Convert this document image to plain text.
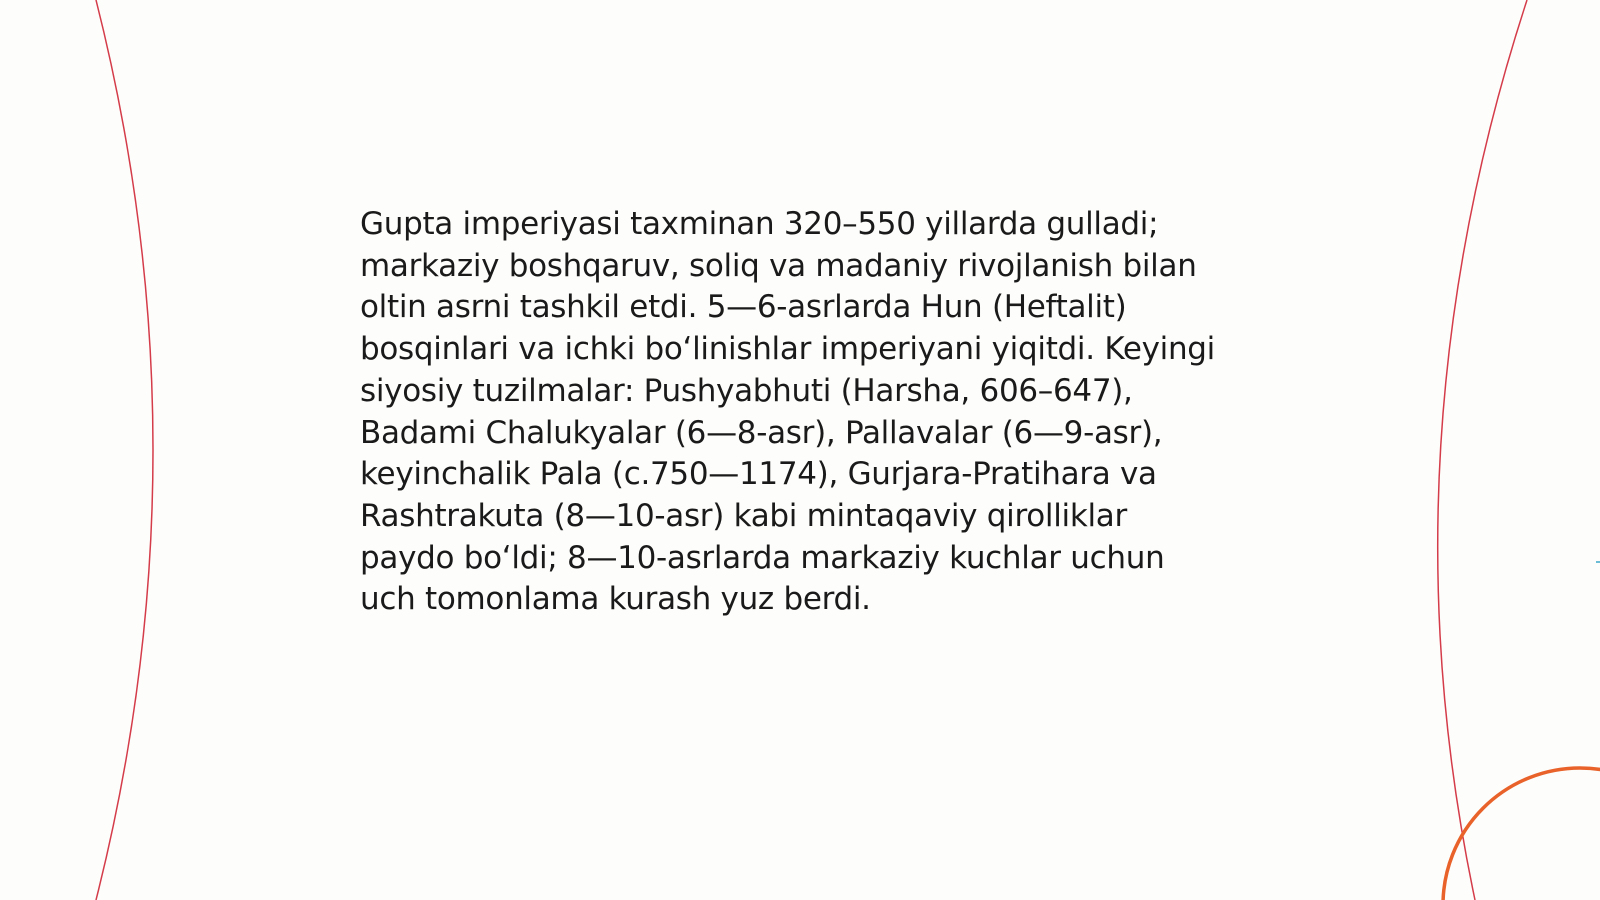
Gupta imperiyasi taxminan 320–550 yillarda gulladi; markaziy boshqaruv, soliq va madaniy rivojlanish bilan oltin asrni tashkil etdi. 5—6-asrlarda Hun (Heftalit) bosqinlari va ichki boʻlinishlar imperiyani yiqitdi. Keyingi siyosiy tuzilmalar: Pushyabhuti (Harsha, 606–647), Badami Chalukyalar (6—8-asr), Pallavalar (6—9-asr), keyinchalik Pala (c.750—1174), Gurjara-Pratihara va Rashtrakuta (8—10-asr) kabi mintaqaviy qirolliklar paydo boʻldi; 8—10-asrlarda markaziy kuchlar uchun uch tomonlama kurash yuz berdi.
